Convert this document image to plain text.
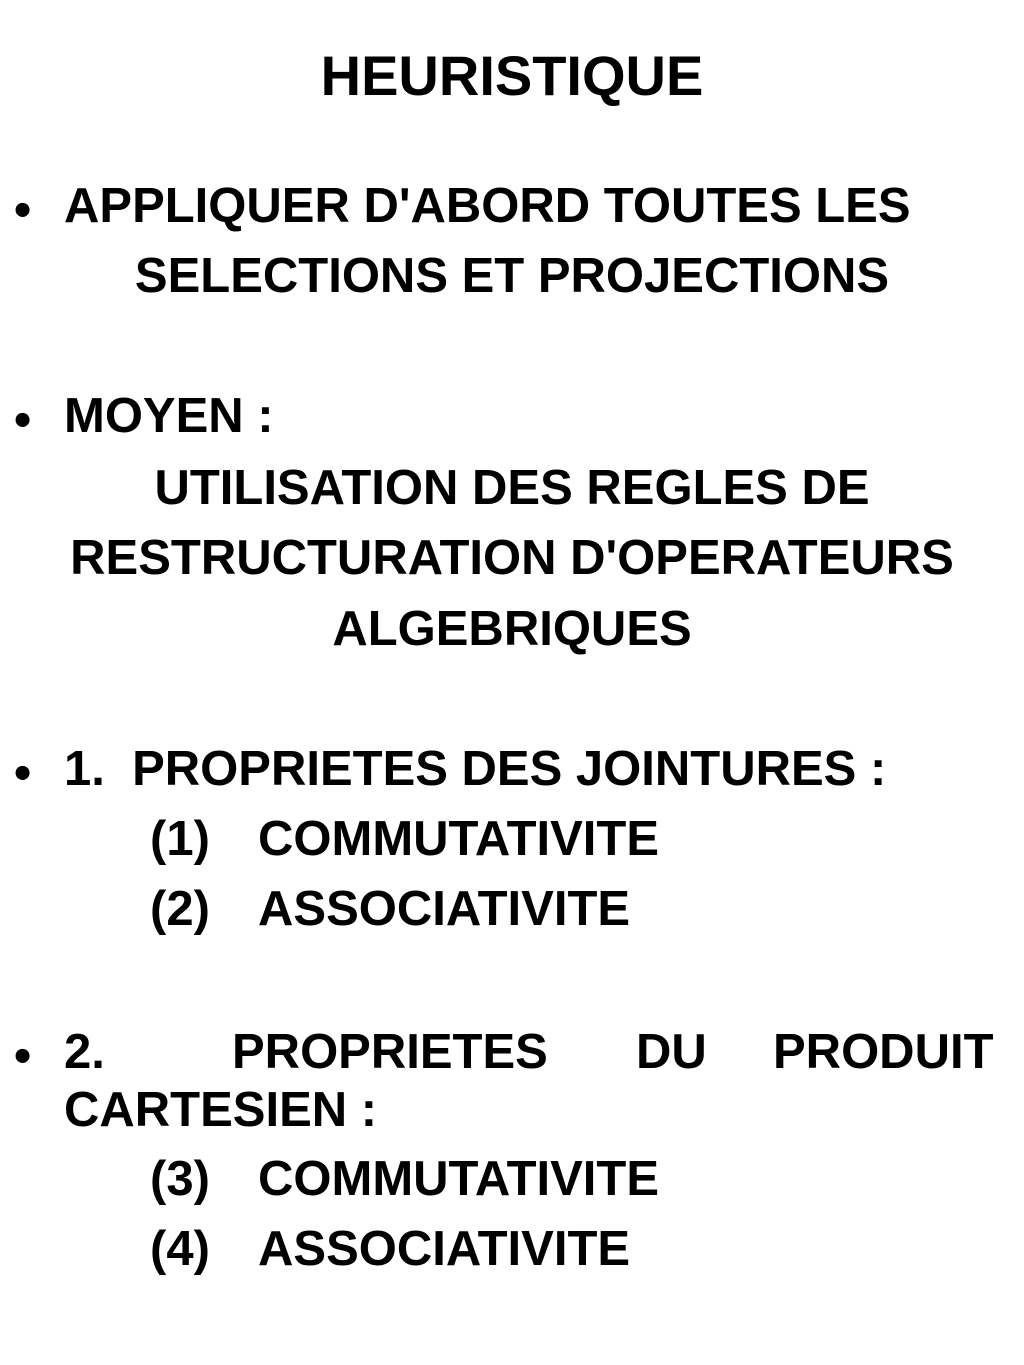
HEURISTIQUE
• APPLIQUER D'ABORD TOUTES LES
SELECTIONS ET PROJECTIONS
• MOYEN :
UTILISATION DES REGLES DE
RESTRUCTURATION D'OPERATEURS
ALGEBRIQUES
• 1.  PROPRIETES DES JOINTURES :
(1) COMMUTATIVITE
(2) ASSOCIATIVITE
• 2.	PROPRIETES DU PRODUIT
CARTESIEN :
(3) COMMUTATIVITE
(4) ASSOCIATIVITE
